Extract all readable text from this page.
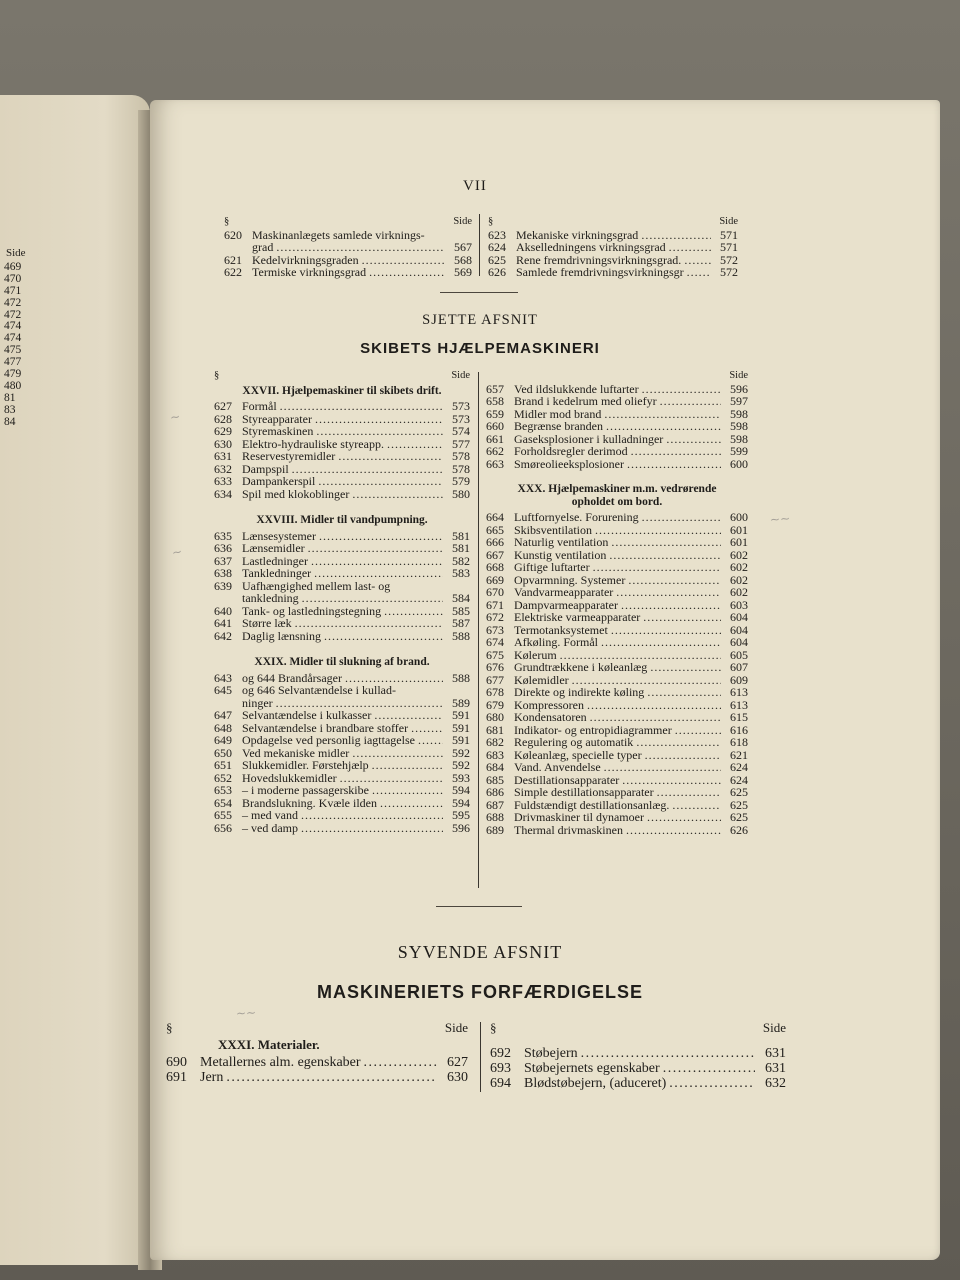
Side
469
470
471
472
472
474
474
475
477
479
480
81
83
84
VII
§	Side
620 Maskinanlægets samlede virknings-
grad . . .	567
621 Kedelvirkningsgraden . . .	568
622 Termiske virkningsgrad . . .	569
§	Side
623 Mekaniske virkningsgrad . . .	571
624 Akselledningens virkningsgrad . . .	571
625 Rene fremdrivningsvirkningsgrad. . . .	572
626 Samlede fremdrivningsvirkningsgr . . .	572
SJETTE AFSNIT
SKIBETS HJÆLPEMASKINERI
§	Side
XXVII. Hjælpemaskiner til skibets drift.
627 Formål . . .	573
628 Styreapparater . . .	573
629 Styremaskinen . . .	574
630 Elektro-hydrauliske styreapp. . . .	577
631 Reservestyremidler . . .	578
632 Dampspil . . .	578
633 Dampankerspil . . .	579
634 Spil med klokoblinger . . .	580
XXVIII. Midler til vandpumpning.
635 Lænsesystemer . . .	581
636 Lænsemidler . . .	581
637 Lastledninger . . .	582
638 Tankledninger . . .	583
639 Uafhængighed mellem last- og
tankledning . . .	584
640 Tank- og lastledningstegning . . .	585
641 Større læk . . .	587
642 Daglig lænsning . . .	588
XXIX. Midler til slukning af brand.
643 og 644 Brandårsager . . .	588
645 og 646 Selvantændelse i kullad-
ninger . . .	589
647 Selvantændelse i kulkasser . . .	591
648 Selvantændelse i brandbare stoffer . . .	591
649 Opdagelse ved personlig iagttagelse . . .	591
650 Ved mekaniske midler . . .	592
651 Slukkemidler. Førstehjælp . . .	592
652 Hovedslukkemidler . . .	593
653 – i moderne passagerskibe . . .	594
654 Brandslukning. Kvæle ilden . . .	594
655 – med vand . . .	595
656 – ved damp . . .	596
Side
657 Ved ildslukkende luftarter . . .	596
658 Brand i kedelrum med oliefyr . . .	597
659 Midler mod brand . . .	598
660 Begrænse branden . . .	598
661 Gaseksplosioner i kulladninger . . .	598
662 Forholdsregler derimod . . .	599
663 Smøreolieeksplosioner . . .	600
XXX. Hjælpemaskiner m.m. vedrørende
opholdet om bord.
664 Luftfornyelse. Forurening . . .	600
665 Skibsventilation . . .	601
666 Naturlig ventilation . . .	601
667 Kunstig ventilation . . .	602
668 Giftige luftarter . . .	602
669 Opvarmning. Systemer . . .	602
670 Vandvarmeapparater . . .	602
671 Dampvarmeapparater . . .	603
672 Elektriske varmeapparater . . .	604
673 Termotanksystemet . . .	604
674 Afkøling. Formål . . .	604
675 Kølerum . . .	605
676 Grundtrækkene i køleanlæg . . .	607
677 Kølemidler . . .	609
678 Direkte og indirekte køling . . .	613
679 Kompressoren . . .	613
680 Kondensatoren . . .	615
681 Indikator- og entropidiagrammer . . .	616
682 Regulering og automatik . . .	618
683 Køleanlæg, specielle typer . . .	621
684 Vand. Anvendelse . . .	624
685 Destillationsapparater . . .	624
686 Simple destillationsapparater . . .	625
687 Fuldstændigt destillationsanlæg. . . .	625
688 Drivmaskiner til dynamoer . . .	625
689 Thermal drivmaskinen . . .	626
SYVENDE AFSNIT
MASKINERIETS FORFÆRDIGELSE
§	Side
XXXI. Materialer.
690 Metallernes alm. egenskaber . . .	627
691 Jern . . .	630
§	Side
692 Støbejern . . .	631
693 Støbejernets egenskaber . . .	631
694 Blødstøbejern, (aduceret) . . .	632
~
~
~~
~~
